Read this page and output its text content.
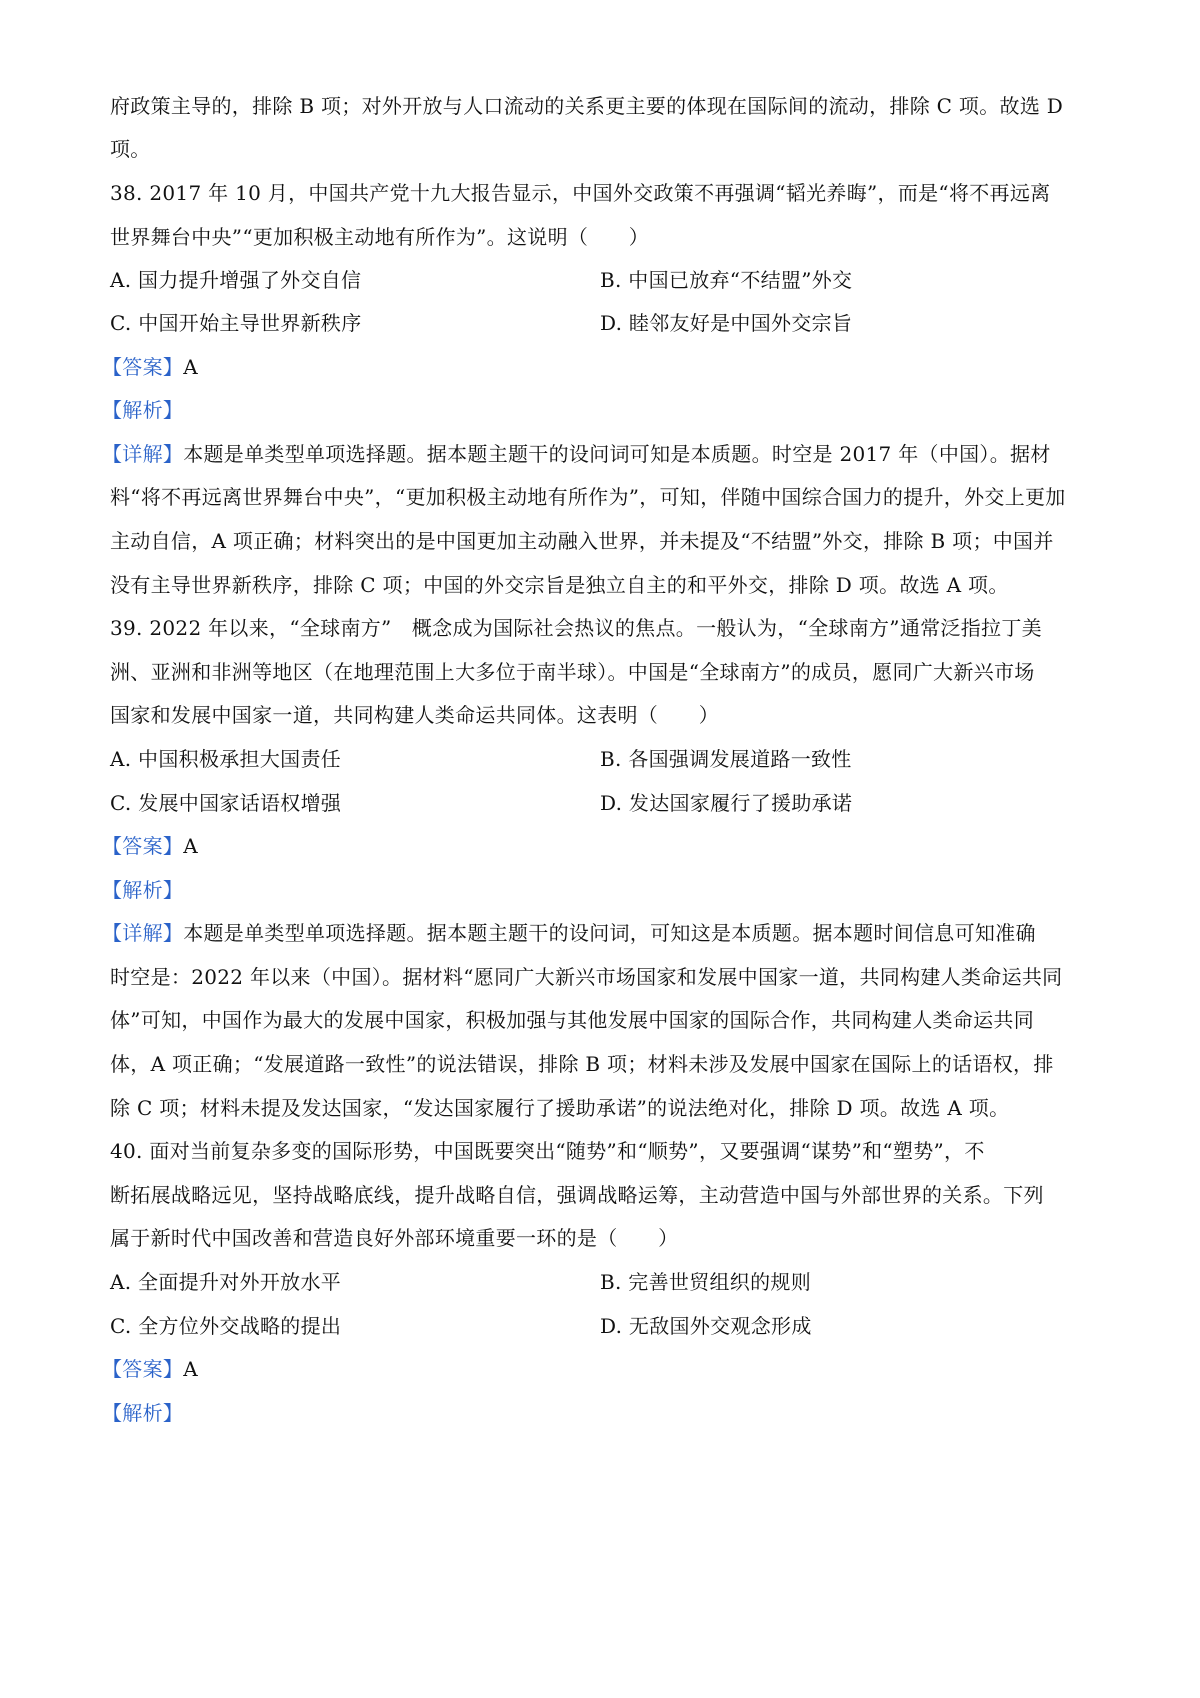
府政策主导的，排除 B 项；对外开放与人口流动的关系更主要的体现在国际间的流动，排除 C 项。故选 D
项。
38. 2017 年 10 月，中国共产党十九大报告显示，中国外交政策不再强调“韬光养晦”，而是“将不再远离
世界舞台中央”“更加积极主动地有所作为”。这说明（　　）
A. 国力提升增强了外交自信	B. 中国已放弃“不结盟”外交
C. 中国开始主导世界新秩序	D. 睦邻友好是中国外交宗旨
【答案】A
【解析】
【详解】本题是单类型单项选择题。据本题主题干的设问词可知是本质题。时空是 2017 年（中国）。据材
料“将不再远离世界舞台中央”，“更加积极主动地有所作为”，可知，伴随中国综合国力的提升，外交上更加
主动自信，A 项正确；材料突出的是中国更加主动融入世界，并未提及“不结盟”外交，排除 B 项；中国并
没有主导世界新秩序，排除 C 项；中国的外交宗旨是独立自主的和平外交，排除 D 项。故选 A 项。
39. 2022 年以来，“全球南方”　概念成为国际社会热议的焦点。一般认为，“全球南方”通常泛指拉丁美
洲、亚洲和非洲等地区（在地理范围上大多位于南半球）。中国是“全球南方”的成员，愿同广大新兴市场
国家和发展中国家一道，共同构建人类命运共同体。这表明（　　）
A. 中国积极承担大国责任	B. 各国强调发展道路一致性
C. 发展中国家话语权增强	D. 发达国家履行了援助承诺
【答案】A
【解析】
【详解】本题是单类型单项选择题。据本题主题干的设问词，可知这是本质题。据本题时间信息可知准确
时空是：2022 年以来（中国）。据材料“愿同广大新兴市场国家和发展中国家一道，共同构建人类命运共同
体”可知，中国作为最大的发展中国家，积极加强与其他发展中国家的国际合作，共同构建人类命运共同
体，A 项正确；“发展道路一致性”的说法错误，排除 B 项；材料未涉及发展中国家在国际上的话语权，排
除 C 项；材料未提及发达国家，“发达国家履行了援助承诺”的说法绝对化，排除 D 项。故选 A 项。
40. 面对当前复杂多变的国际形势，中国既要突出“随势”和“顺势”，又要强调“谋势”和“塑势”，不
断拓展战略远见，坚持战略底线，提升战略自信，强调战略运筹，主动营造中国与外部世界的关系。下列
属于新时代中国改善和营造良好外部环境重要一环的是（　　）
A. 全面提升对外开放水平	B. 完善世贸组织的规则
C. 全方位外交战略的提出	D. 无敌国外交观念形成
【答案】A
【解析】
